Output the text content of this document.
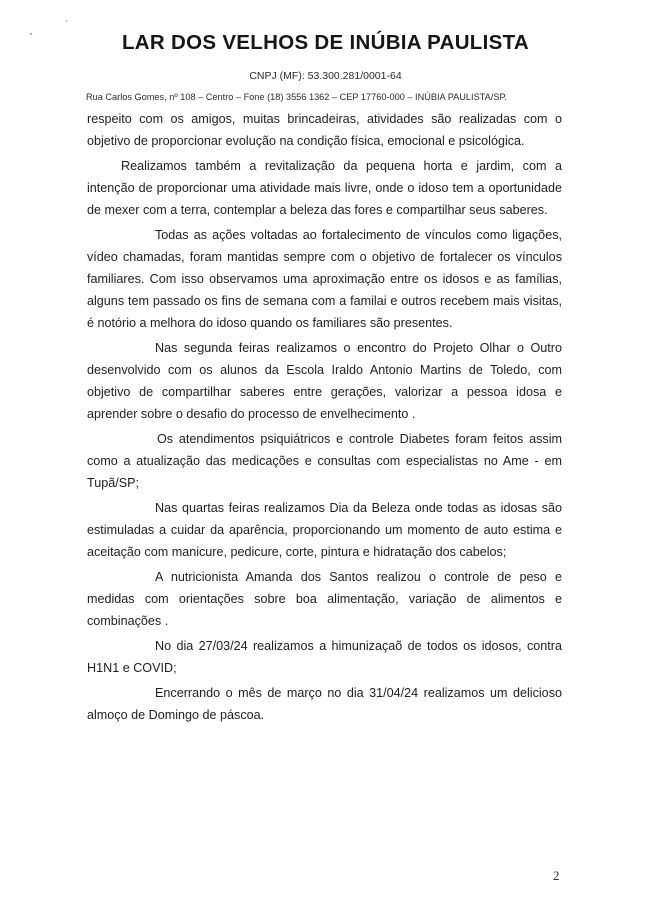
LAR DOS VELHOS DE INÚBIA PAULISTA
CNPJ (MF): 53.300.281/0001-64
Rua Carlos Gomes, nº 108 – Centro – Fone (18) 3556 1362 – CEP 17760-000 – INÚBIA PAULISTA/SP.

respeito com os amigos, muitas brincadeiras, atividades são realizadas com o objetivo de proporcionar evolução na condição física, emocional e psicológica.

Realizamos também a revitalização da pequena horta e jardim, com a intenção de proporcionar uma atividade mais livre, onde o idoso tem a oportunidade de mexer com a terra, contemplar a beleza das fores e compartilhar seus saberes.

Todas as ações voltadas ao fortalecimento de vínculos como ligações, vídeo chamadas, foram mantidas sempre com o objetivo de fortalecer os vínculos familiares. Com isso observamos uma aproximação entre os idosos e as famílias, alguns tem passado os fins de semana com a familai e outros recebem mais visitas, é notório a melhora do idoso quando os familiares são presentes.

Nas segunda feiras realizamos o encontro do Projeto Olhar o Outro desenvolvido com os alunos da Escola Iraldo Antonio Martins de Toledo, com objetivo de compartilhar saberes entre gerações, valorizar a pessoa idosa e aprender sobre o desafio do processo de envelhecimento .

Os atendimentos psiquiátricos e controle Diabetes foram feitos assim como a atualização das medicações e consultas com especialistas no Ame - em Tupã/SP;

Nas quartas feiras realizamos Dia da Beleza onde todas as idosas são estimuladas a cuidar da aparência, proporcionando um momento de auto estima e aceitação com manicure, pedicure, corte, pintura e hidratação dos cabelos;

A nutricionista Amanda dos Santos realizou o controle de peso e medidas com orientações sobre boa alimentação, variação de alimentos e combinações .

No dia 27/03/24 realizamos a himunizaçaõ de todos os idosos, contra H1N1 e COVID;

Encerrando o mês de março no dia 31/04/24 realizamos um delicioso almoço de Domingo de páscoa.

2
